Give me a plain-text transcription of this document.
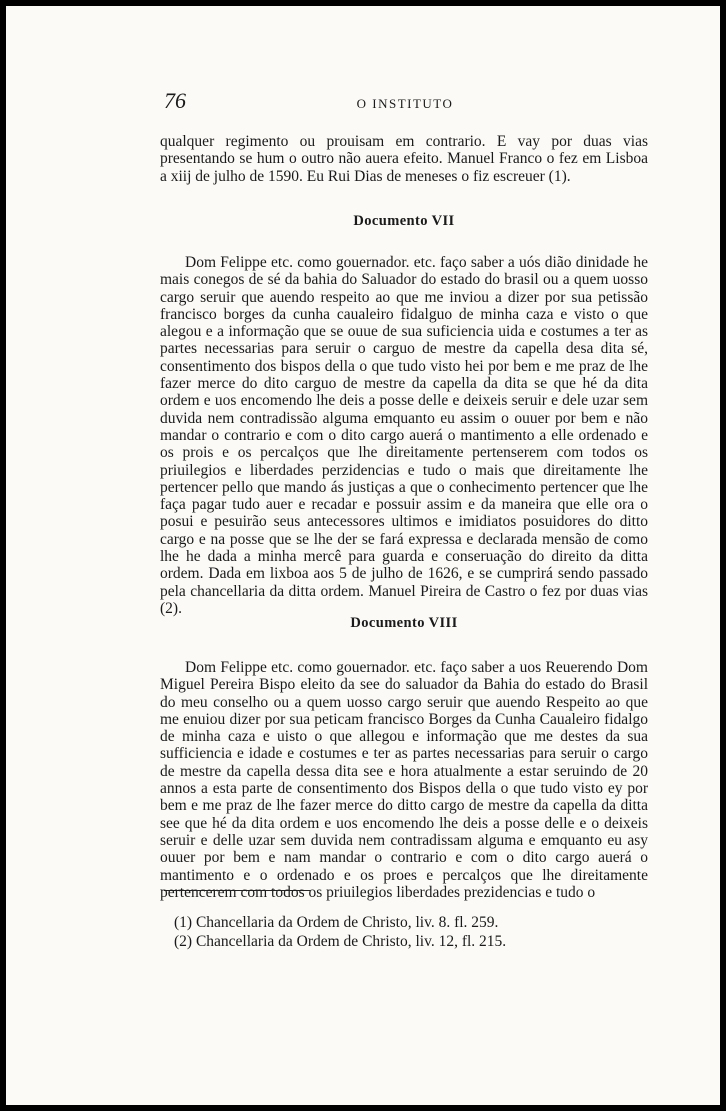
76	O INSTITUTO

qualquer regimento ou prouisam em contrario. E vay por duas vias presentando se hum o outro não auera efeito. Manuel Franco o fez em Lisboa a xiij de julho de 1590. Eu Rui Dias de meneses o fiz escreuer (1).

Documento VII

Dom Felippe etc. como gouernador. etc. faço saber a uós dião dinidade he mais conegos de sé da bahia do Saluador do estado do brasil ou a quem uosso cargo seruir que auendo respeito ao que me inviou a dizer por sua petissão francisco borges da cunha caualeiro fidalguo de minha caza e visto o que alegou e a informação que se ouue de sua suficiencia uida e costumes a ter as partes necessarias para seruir o carguo de mestre da capella desa dita sé, consentimento dos bispos della o que tudo visto hei por bem e me praz de lhe fazer merce do dito carguo de mestre da capella da dita se que hé da dita ordem e uos encomendo lhe deis a posse delle e deixeis seruir e dele uzar sem duvida nem contradissão alguma emquanto eu assim o ouuer por bem e não mandar o contrario e com o dito cargo auerá o mantimento a elle ordenado e os prois e os percalços que lhe direitamente pertenserem com todos os priuilegios e liberdades perzidencias e tudo o mais que direitamente lhe pertencer pello que mando ás justiças a que o conhecimento pertencer que lhe faça pagar tudo auer e recadar e possuir assim e da maneira que elle ora o posui e pesuirão seus antecessores ultimos e imidiatos posuidores do ditto cargo e na posse que se lhe der se fará expressa e declarada mensão de como lhe he dada a minha mercê para guarda e conseruação do direito da ditta ordem. Dada em lixboa aos 5 de julho de 1626, e se cumprirá sendo passado pela chancellaria da ditta ordem. Manuel Pireira de Castro o fez por duas vias (2).

Documento VIII

Dom Felippe etc. como gouernador. etc. faço saber a uos Reuerendo Dom Miguel Pereira Bispo eleito da see do saluador da Bahia do estado do Brasil do meu conselho ou a quem uosso cargo seruir que auendo Respeito ao que me enuiou dizer por sua peticam francisco Borges da Cunha Caualeiro fidalgo de minha caza e uisto o que allegou e informação que me destes da sua sufficiencia e idade e costumes e ter as partes necessarias para seruir o cargo de mestre da capella dessa dita see e hora atualmente a estar seruindo de 20 annos a esta parte de consentimento dos Bispos della o que tudo visto ey por bem e me praz de lhe fazer merce do ditto cargo de mestre da capella da ditta see que hé da dita ordem e uos encomendo lhe deis a posse delle e o deixeis seruir e delle uzar sem duvida nem contradissam alguma e emquanto eu asy ouuer por bem e nam mandar o contrario e com o dito cargo auerá o mantimento e o ordenado e os proes e percalços que lhe direitamente pertencerem com todos os priuilegios liberdades prezidencias e tudo o

(1) Chancellaria da Ordem de Christo, liv. 8. fl. 259.
(2) Chancellaria da Ordem de Christo, liv. 12, fl. 215.
